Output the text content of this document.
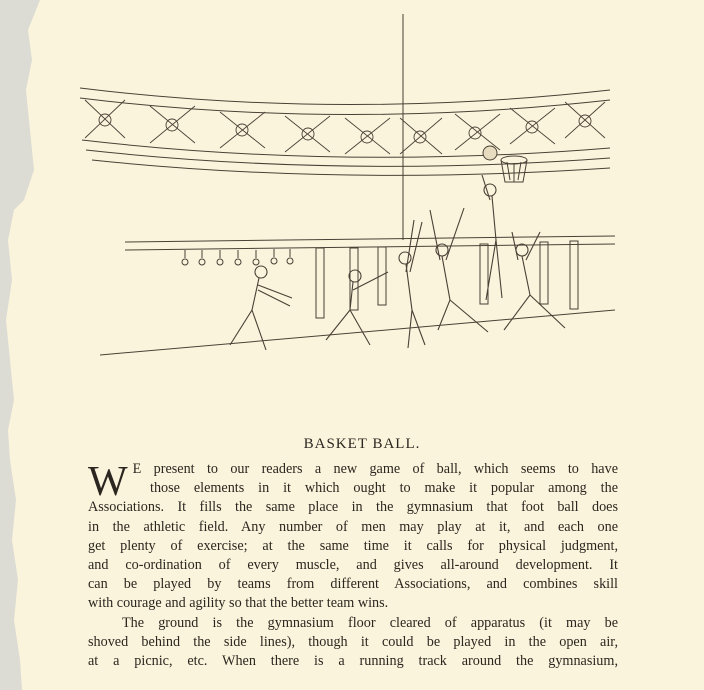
BASKET BALL.
W E present to our readers a new game of ball, which seems to have
those elements in it which ought to make it popular among the
Associations. It fills the same place in the gymnasium that foot ball does
in the athletic field. Any number of men may play at it, and each one
get plenty of exercise; at the same time it calls for physical judgment,
and co-ordination of every muscle, and gives all-around development. It
can be played by teams from different Associations, and combines skill
with courage and agility so that the better team wins.
The ground is the gymnasium floor cleared of apparatus (it may be
shoved behind the side lines), though it could be played in the open air,
at a picnic, etc. When there is a running track around the gymnasium,
